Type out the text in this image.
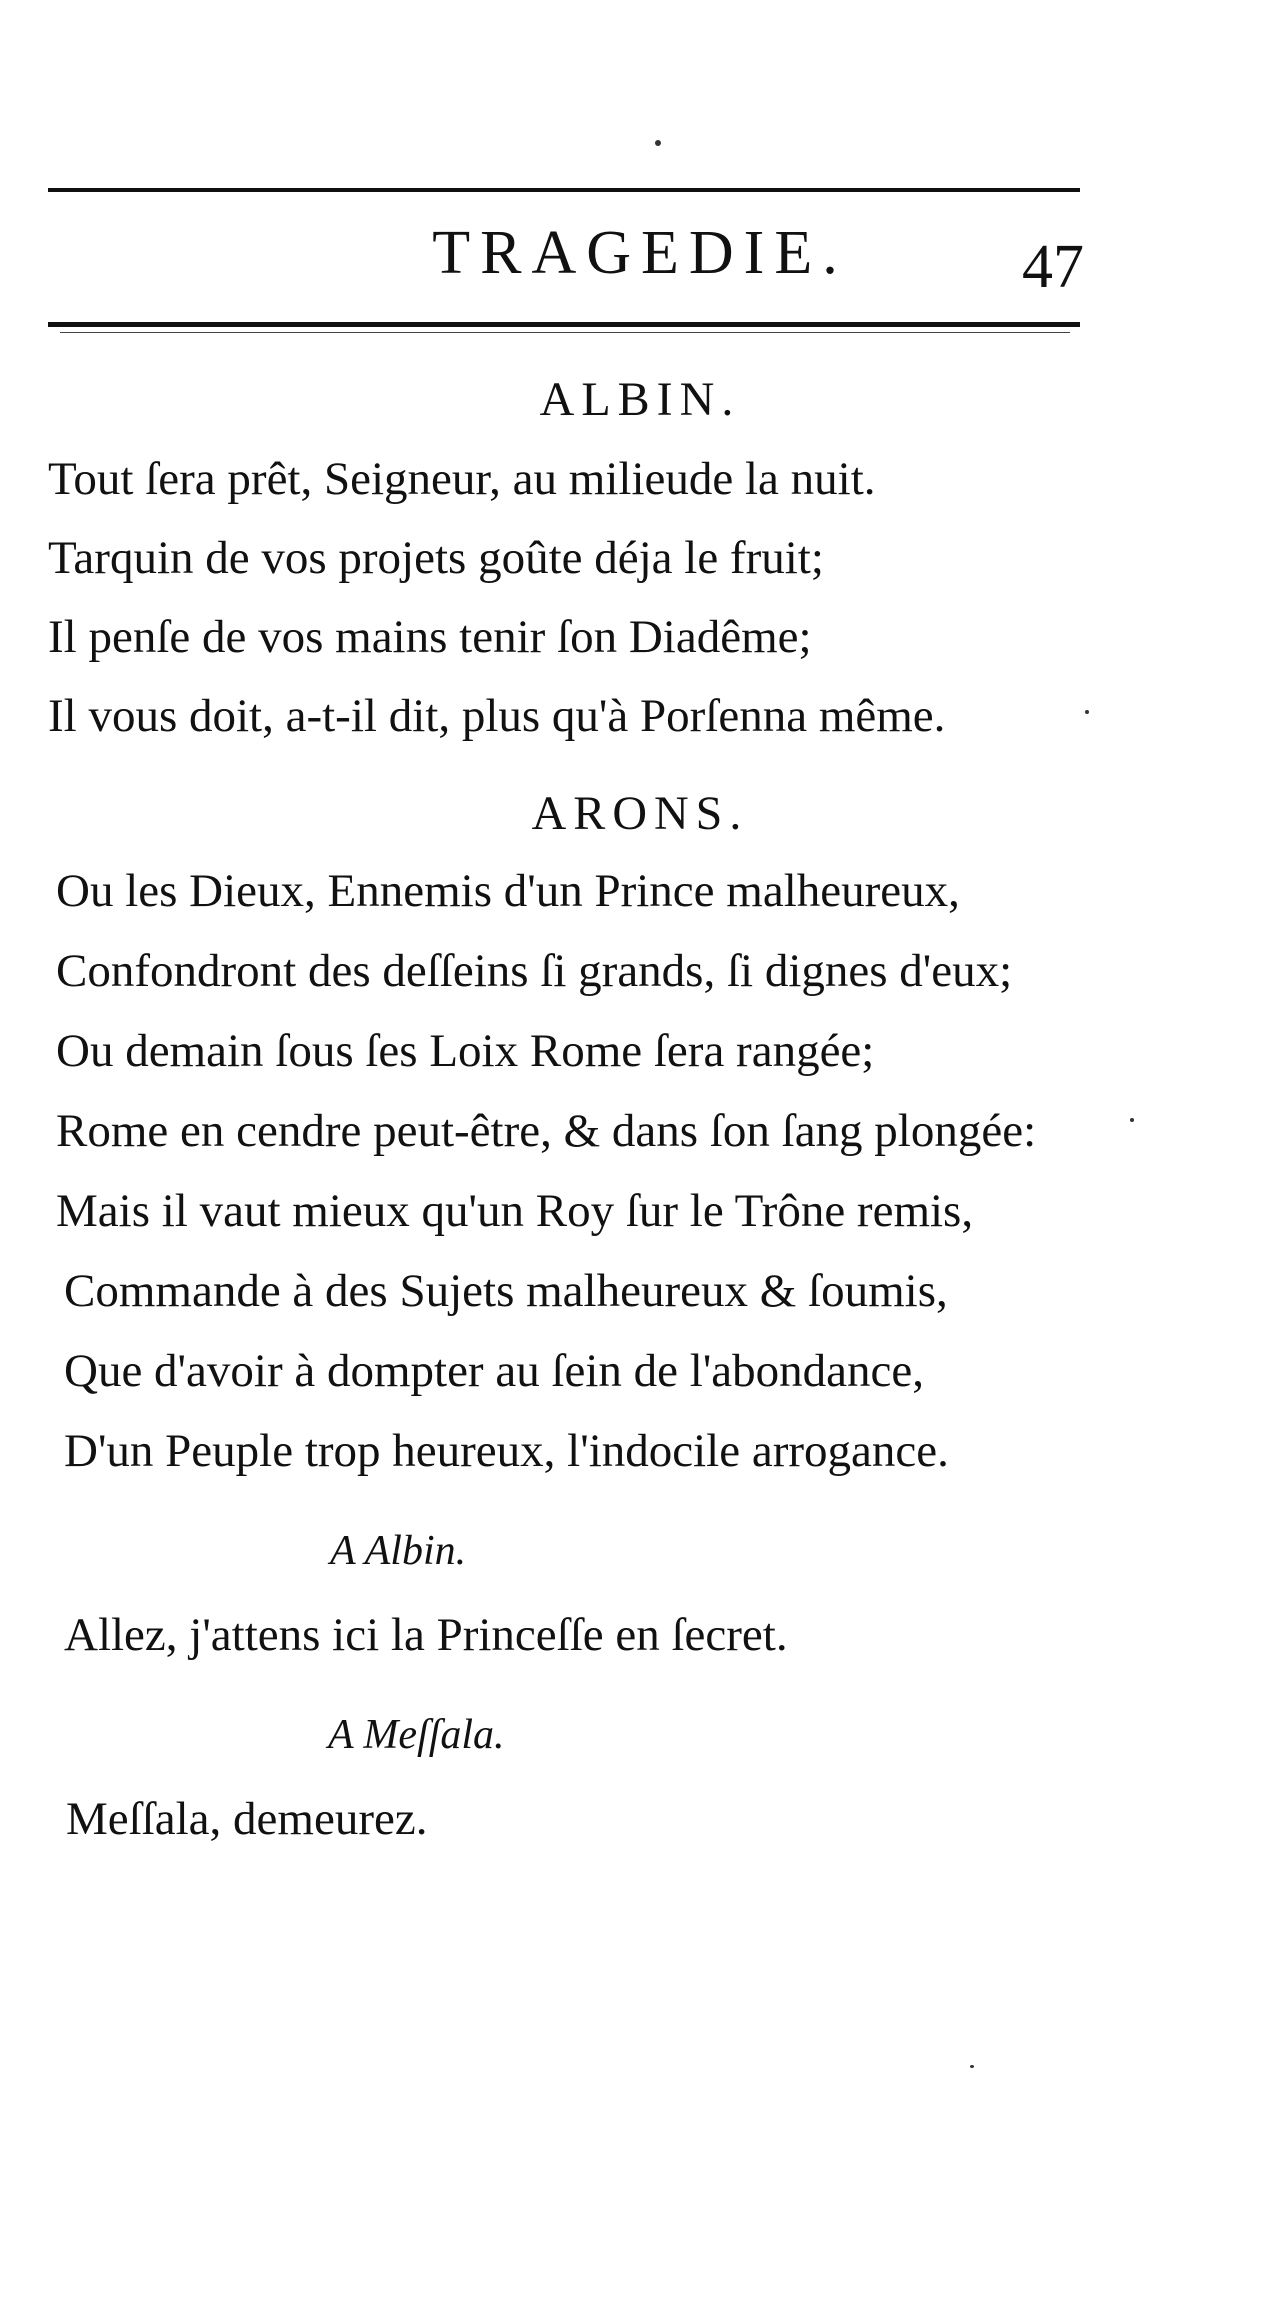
TRAGEDIE.	47
ALBIN.
Tout ſera prêt, Seigneur, au milieude la nuit.
Tarquin de vos projets goûte déja le fruit;
Il penſe de vos mains tenir ſon Diadême;
Il vous doit, a-t-il dit, plus qu'à Porſenna même.
ARONS.
Ou les Dieux, Ennemis d'un Prince malheureux,
Confondront des deſſeins ſi grands, ſi dignes d'eux;
Ou demain ſous ſes Loix Rome ſera rangée;
Rome en cendre peut-être, & dans ſon ſang plongée:
Mais il vaut mieux qu'un Roy ſur le Trône remis,
Commande à des Sujets malheureux & ſoumis,
Que d'avoir à dompter au ſein de l'abondance,
D'un Peuple trop heureux, l'indocile arrogance.
A Albin.
Allez, j'attens ici la Princeſſe en ſecret.
A Meſſala.
Meſſala, demeurez.
